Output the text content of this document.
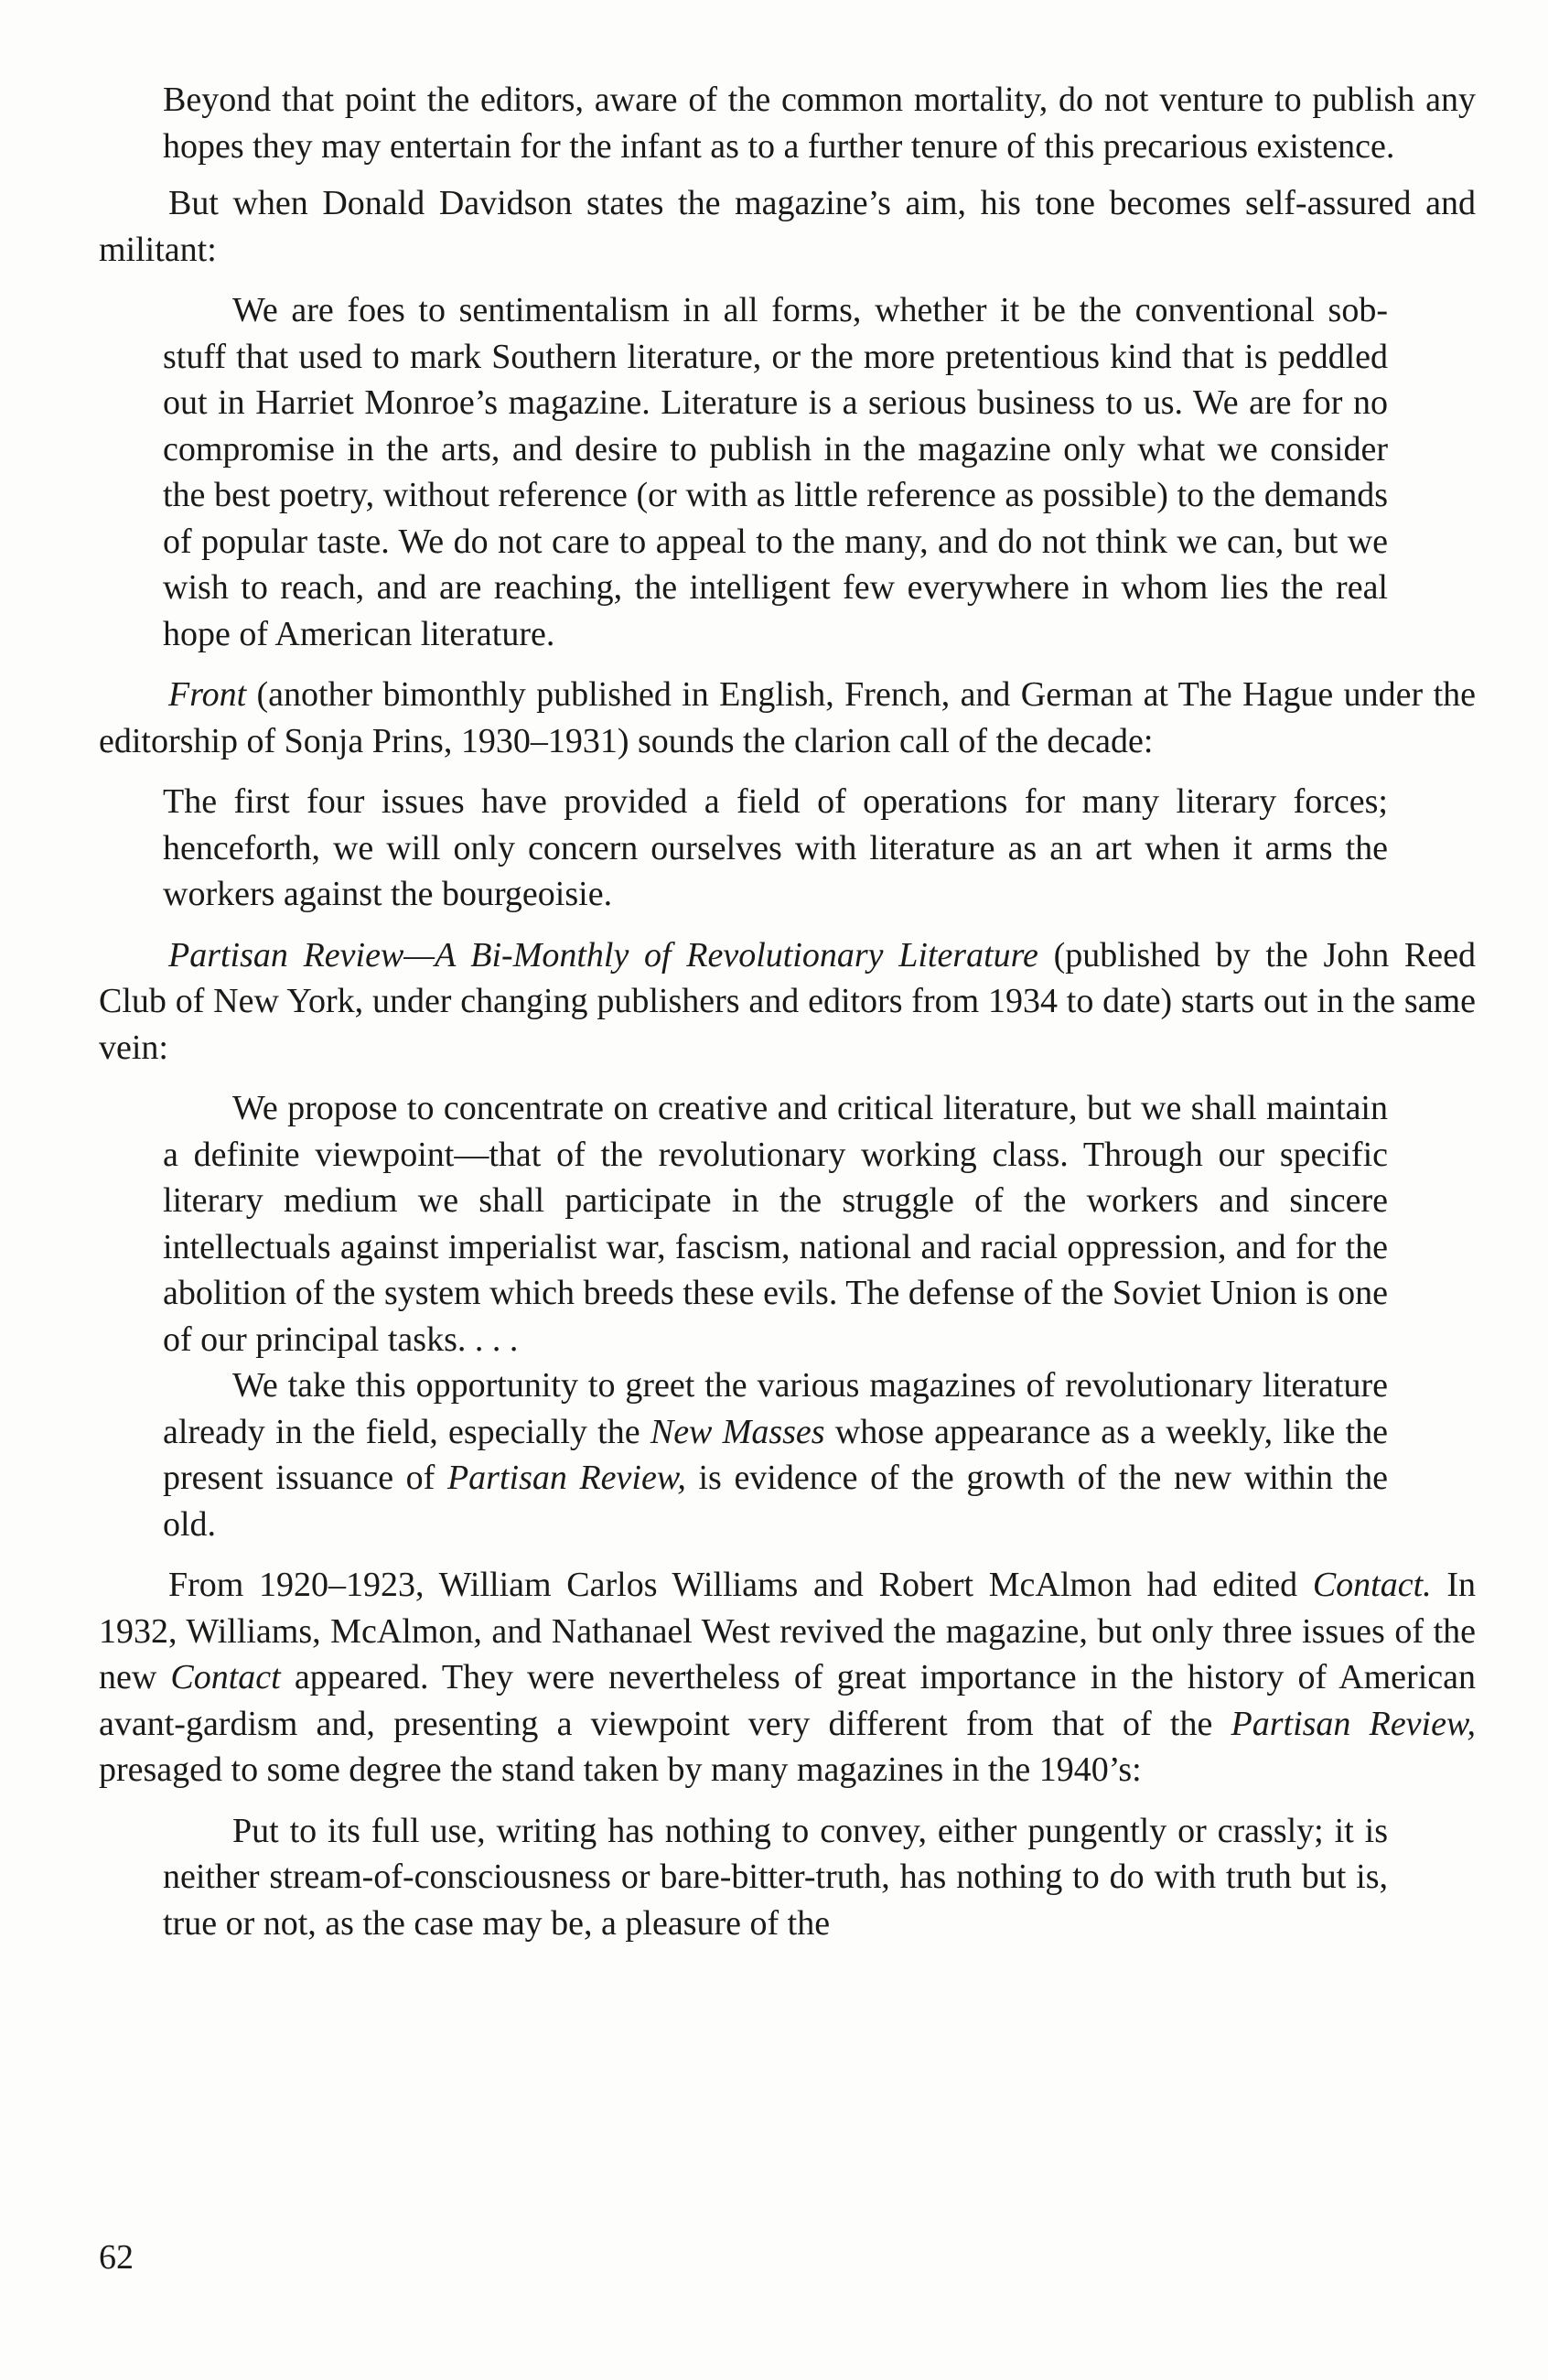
Beyond that point the editors, aware of the common mortality, do not venture to publish any hopes they may entertain for the infant as to a further tenure of this precarious existence.

But when Donald Davidson states the magazine’s aim, his tone becomes self-assured and militant:

We are foes to sentimentalism in all forms, whether it be the conventional sob-stuff that used to mark Southern literature, or the more pretentious kind that is peddled out in Harriet Monroe’s magazine. Literature is a serious business to us. We are for no compromise in the arts, and desire to publish in the magazine only what we consider the best poetry, without reference (or with as little reference as possible) to the demands of popular taste. We do not care to appeal to the many, and do not think we can, but we wish to reach, and are reaching, the intelligent few everywhere in whom lies the real hope of American literature.

Front (another bimonthly published in English, French, and German at The Hague under the editorship of Sonja Prins, 1930–1931) sounds the clarion call of the decade:

The first four issues have provided a field of operations for many literary forces; henceforth, we will only concern ourselves with literature as an art when it arms the workers against the bourgeoisie.

Partisan Review—A Bi-Monthly of Revolutionary Literature (published by the John Reed Club of New York, under changing publishers and editors from 1934 to date) starts out in the same vein:

We propose to concentrate on creative and critical literature, but we shall maintain a definite viewpoint—that of the revolutionary working class. Through our specific literary medium we shall participate in the struggle of the workers and sincere intellectuals against imperialist war, fascism, national and racial oppression, and for the abolition of the system which breeds these evils. The defense of the Soviet Union is one of our principal tasks. . . .

We take this opportunity to greet the various magazines of revolutionary literature already in the field, especially the New Masses whose appearance as a weekly, like the present issuance of Partisan Review, is evidence of the growth of the new within the old.

From 1920–1923, William Carlos Williams and Robert McAlmon had edited Contact. In 1932, Williams, McAlmon, and Nathanael West revived the magazine, but only three issues of the new Contact appeared. They were nevertheless of great importance in the history of American avant-gardism and, presenting a viewpoint very different from that of the Partisan Review, presaged to some degree the stand taken by many magazines in the 1940’s:

Put to its full use, writing has nothing to convey, either pungently or crassly; it is neither stream-of-consciousness or bare-bitter-truth, has nothing to do with truth but is, true or not, as the case may be, a pleasure of the

62
